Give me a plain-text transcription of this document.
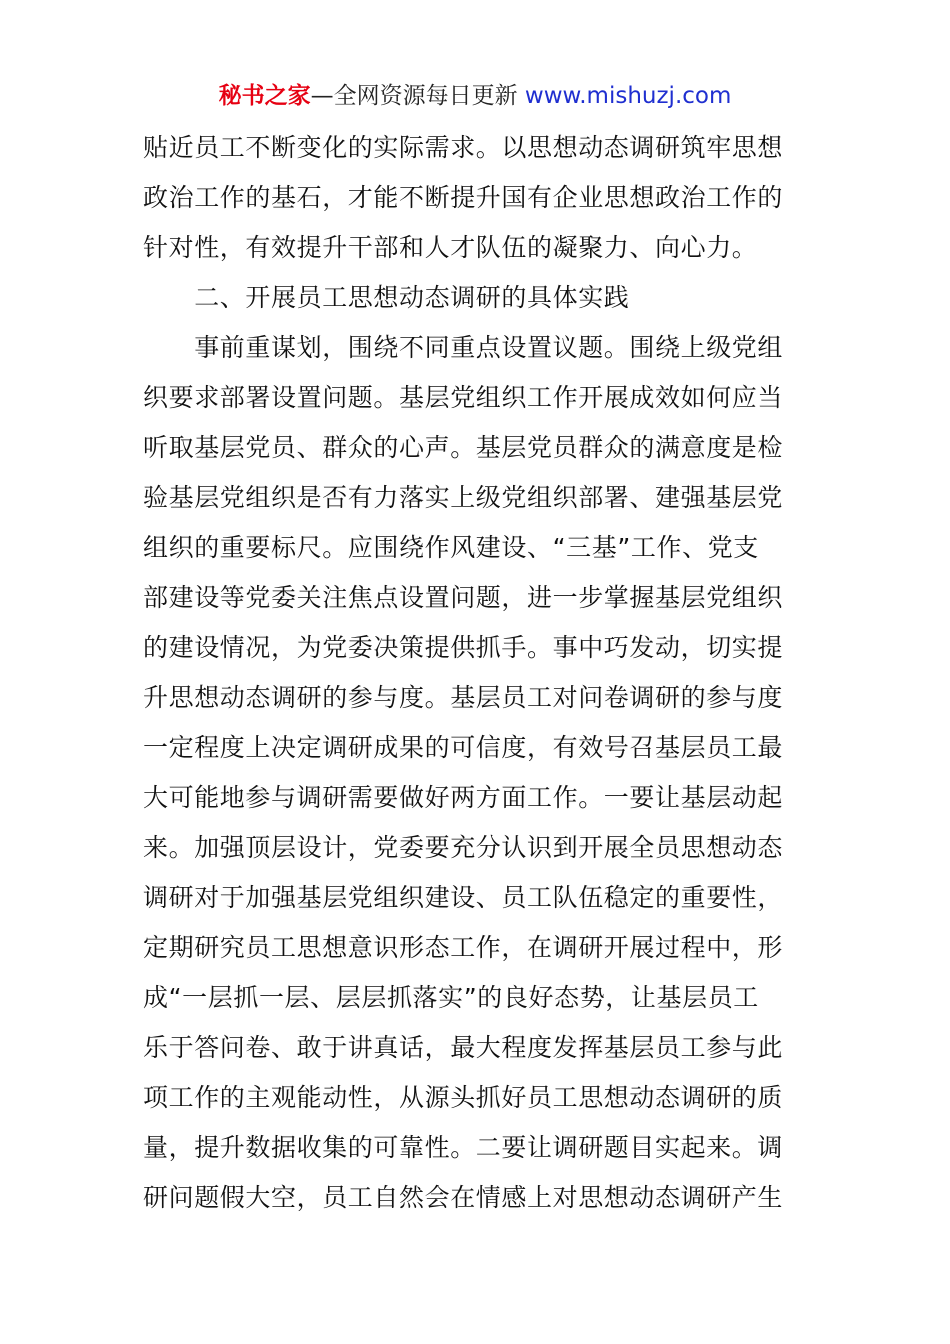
秘书之家—全网资源每日更新 www.mishuzj.com
贴近员工不断变化的实际需求。以思想动态调研筑牢思想
政治工作的基石，才能不断提升国有企业思想政治工作的
针对性，有效提升干部和人才队伍的凝聚力、向心力。
　　二、开展员工思想动态调研的具体实践
　　事前重谋划，围绕不同重点设置议题。围绕上级党组
织要求部署设置问题。基层党组织工作开展成效如何应当
听取基层党员、群众的心声。基层党员群众的满意度是检
验基层党组织是否有力落实上级党组织部署、建强基层党
组织的重要标尺。应围绕作风建设、“三基”工作、党支
部建设等党委关注焦点设置问题，进一步掌握基层党组织
的建设情况，为党委决策提供抓手。事中巧发动，切实提
升思想动态调研的参与度。基层员工对问卷调研的参与度
一定程度上决定调研成果的可信度，有效号召基层员工最
大可能地参与调研需要做好两方面工作。一要让基层动起
来。加强顶层设计，党委要充分认识到开展全员思想动态
调研对于加强基层党组织建设、员工队伍稳定的重要性，
定期研究员工思想意识形态工作，在调研开展过程中，形
成“一层抓一层、层层抓落实”的良好态势，让基层员工
乐于答问卷、敢于讲真话，最大程度发挥基层员工参与此
项工作的主观能动性，从源头抓好员工思想动态调研的质
量，提升数据收集的可靠性。二要让调研题目实起来。调
研问题假大空，员工自然会在情感上对思想动态调研产生
